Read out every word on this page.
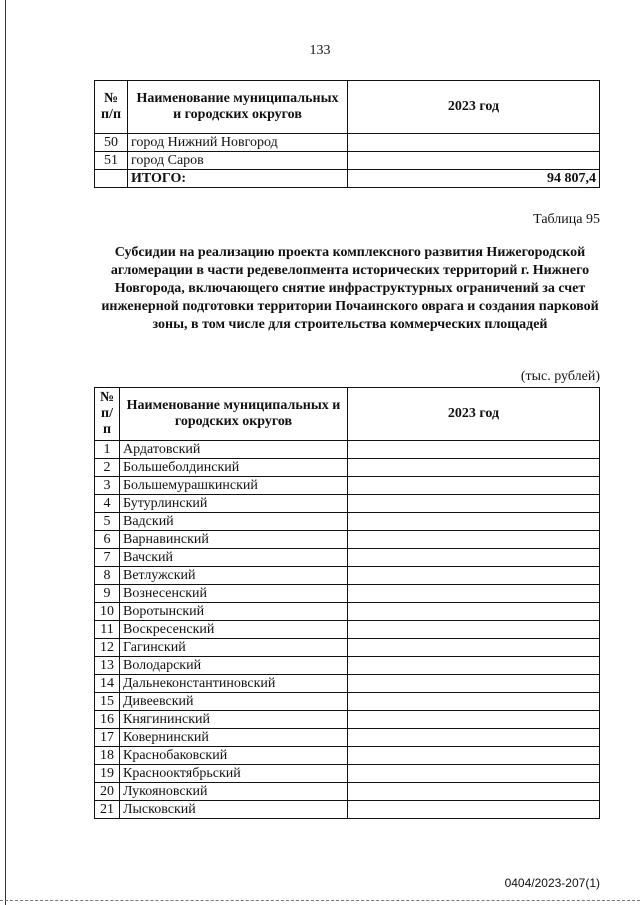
133
№ п/п	Наименование муниципальных и городских округов	2023 год
50	город Нижний Новгород	
51	город Саров	
	ИТОГО:	94 807,4
Таблица 95
Субсидии на реализацию проекта комплексного развития Нижегородской агломерации в части редевелопмента исторических территорий г. Нижнего Новгорода, включающего снятие инфраструктурных ограничений за счет инженерной подготовки территории Почаинского оврага и создания парковой зоны, в том числе для строительства коммерческих площадей
(тыс. рублей)
№ п/п	Наименование муниципальных и городских округов	2023 год
1	Ардатовский	
2	Большеболдинский	
3	Большемурашкинский	
4	Бутурлинский	
5	Вадский	
6	Варнавинский	
7	Вачский	
8	Ветлужский	
9	Вознесенский	
10	Воротынский	
11	Воскресенский	
12	Гагинский	
13	Володарский	
14	Дальнеконстантиновский	
15	Дивеевский	
16	Княгининский	
17	Ковернинский	
18	Краснобаковский	
19	Краснооктябрьский	
20	Лукояновский	
21	Лысковский	
0404/2023-207(1)
